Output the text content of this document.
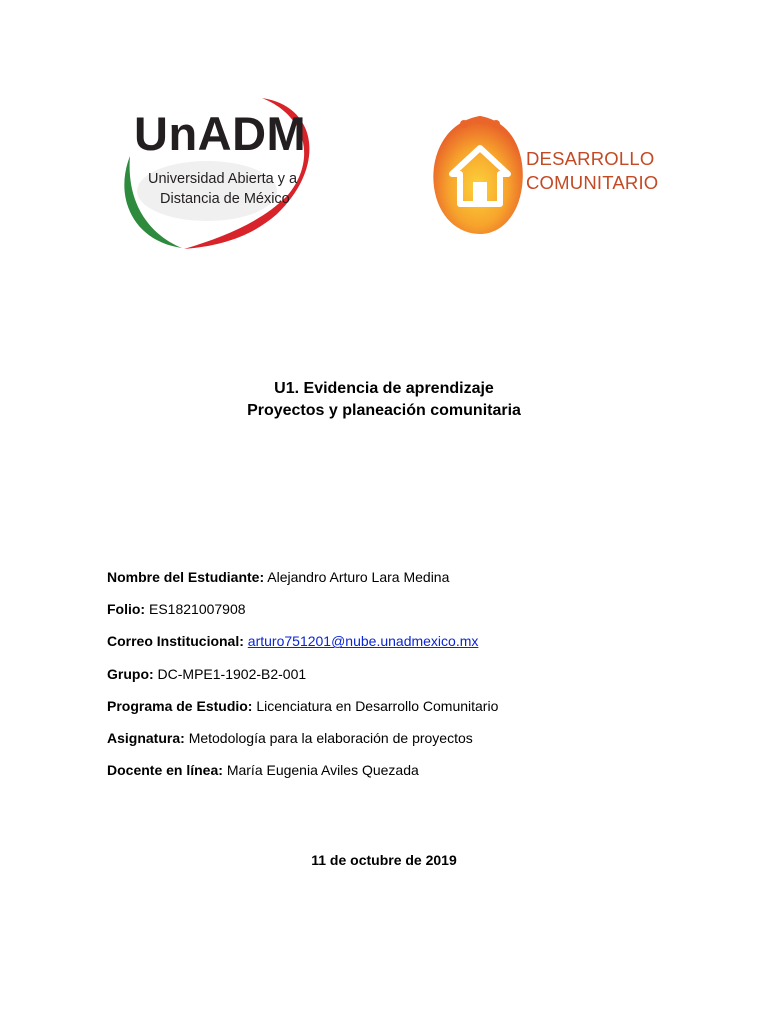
UnADM
Universidad Abierta y a
Distancia de México
DESARROLLO
COMUNITARIO
U1. Evidencia de aprendizaje
Proyectos y planeación comunitaria
Nombre del Estudiante: Alejandro Arturo Lara Medina
Folio: ES1821007908
Correo Institucional: arturo751201@nube.unadmexico.mx
Grupo: DC-MPE1-1902-B2-001
Programa de Estudio: Licenciatura en Desarrollo Comunitario
Asignatura: Metodología para la elaboración de proyectos
Docente en línea: María Eugenia Aviles Quezada
11 de octubre de 2019
